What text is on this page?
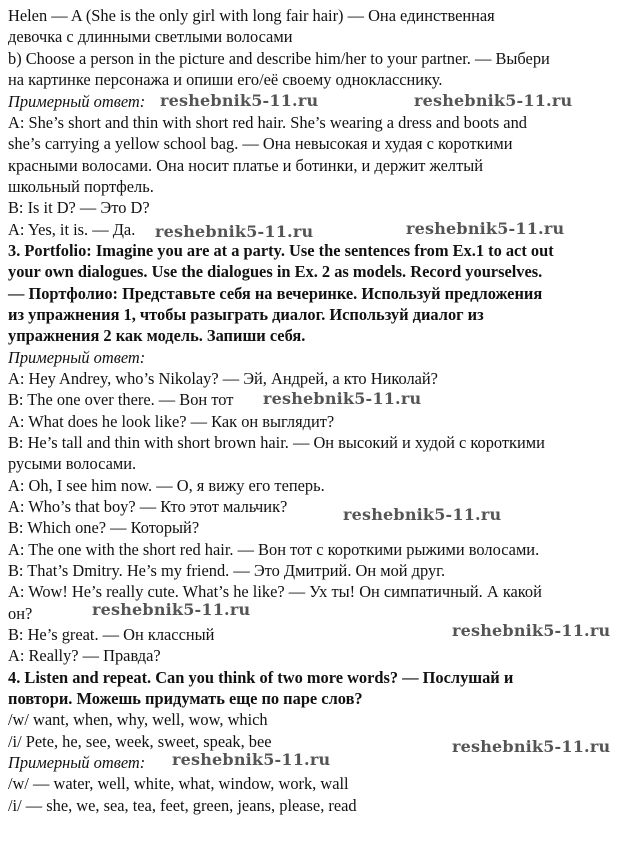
Helen — A (She is the only girl with long fair hair) — Она единственная
девочка с длинными светлыми волосами
b) Choose a person in the picture and describe him/her to your partner. — Выбери
на картинке персонажа и опиши его/её своему однокласснику.
Примерный ответ:
A: She’s short and thin with short red hair. She’s wearing a dress and boots and
she’s carrying a yellow school bag. — Она невысокая и худая с короткими
красными волосами. Она носит платье и ботинки, и держит желтый
школьный портфель.
B: Is it D? — Это D?
A: Yes, it is. — Да.
3. Portfolio: Imagine you are at a party. Use the sentences from Ex.1 to act out
your own dialogues. Use the dialogues in Ex. 2 as models. Record yourselves.
— Портфолио: Представьте себя на вечеринке. Используй предложения
из упражнения 1, чтобы разыграть диалог. Используй диалог из
упражнения 2 как модель. Запиши себя.
Примерный ответ:
A: Hey Andrey, who’s Nikolay? — Эй, Андрей, а кто Николай?
B: The one over there. — Вон тот
A: What does he look like? — Как он выглядит?
B: He’s tall and thin with short brown hair. — Он высокий и худой с короткими
русыми волосами.
A: Oh, I see him now. — О, я вижу его теперь.
A: Who’s that boy? — Кто этот мальчик?
B: Which one? — Который?
A: The one with the short red hair. — Вон тот с короткими рыжими волосами.
B: That’s Dmitry. He’s my friend. — Это Дмитрий. Он мой друг.
A: Wow! He’s really cute. What’s he like? — Ух ты! Он симпатичный. А какой
он?
B: He’s great. — Он классный
A: Really? — Правда?
4. Listen and repeat. Can you think of two more words? — Послушай и
повтори. Можешь придумать еще по паре слов?
/w/ want, when, why, well, wow, which
/i/ Pete, he, see, week, sweet, speak, bee
Примерный ответ:
/w/ — water, well, white, what, window, work, wall
/i/ — she, we, sea, tea, feet, green, jeans, please, read
reshebnik5-11.ru	reshebnik5-11.ru
reshebnik5-11.ru	reshebnik5-11.ru
reshebnik5-11.ru
reshebnik5-11.ru
reshebnik5-11.ru
reshebnik5-11.ru
reshebnik5-11.ru
reshebnik5-11.ru
